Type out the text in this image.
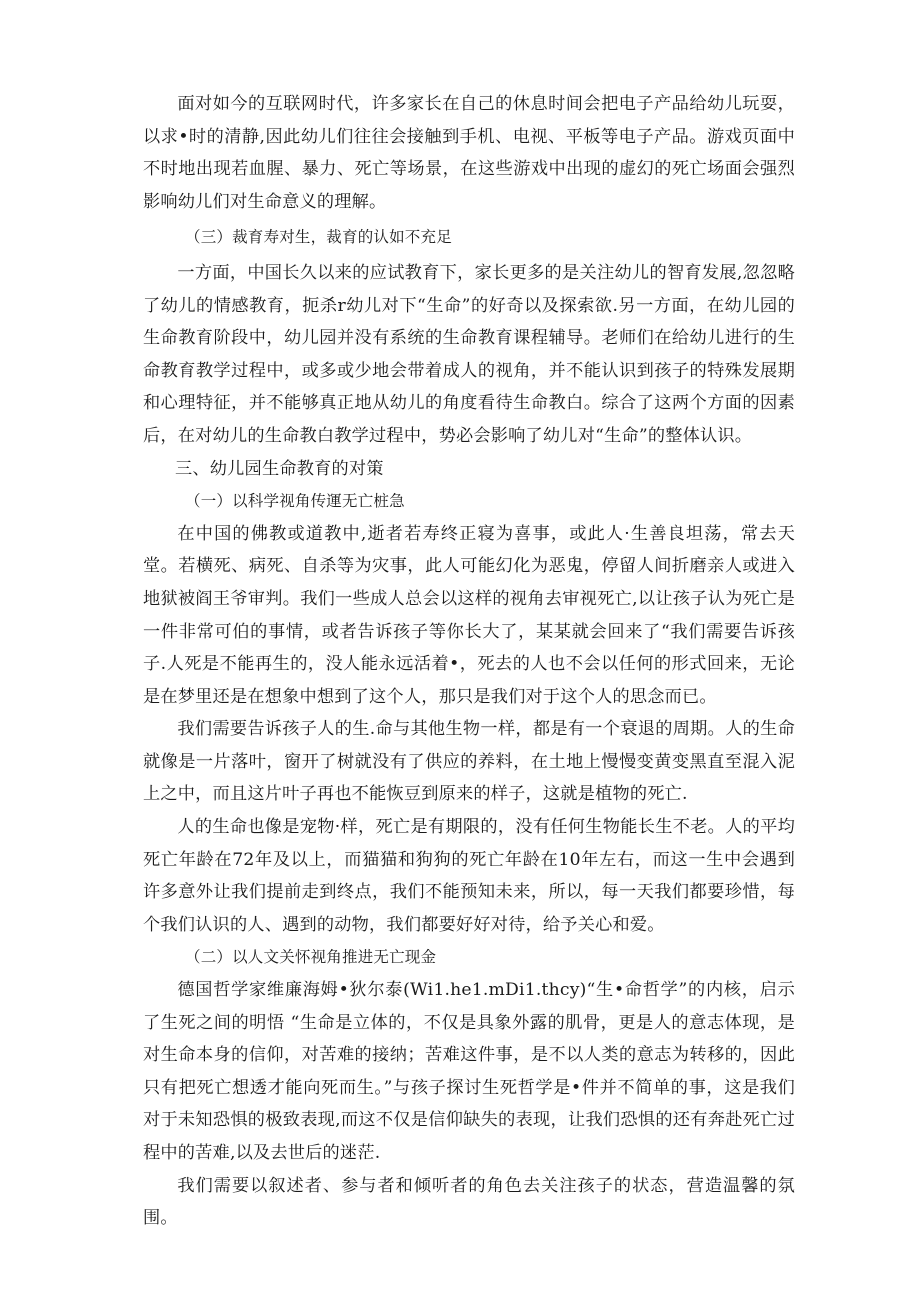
面对如今的互联网时代，许多家长在自己的休息时间会把电子产品给幼儿玩耍，以求•时的清静,因此幼儿们往往会接触到手机、电视、平板等电子产品。游戏页面中不时地出现若血腥、暴力、死亡等场景，在这些游戏中出现的虚幻的死亡场面会强烈影响幼儿们对生命意义的理解。

（三）裁育寿对生，裁育的认如不充足

一方面，中国长久以来的应试教育下，家长更多的是关注幼儿的智育发展,忽忽略了幼儿的情感教育，扼杀r幼儿对下“生命”的好奇以及探索欲.另一方面，在幼儿园的生命教育阶段中，幼儿园并没有系统的生命教育课程辅导。老师们在给幼儿进行的生命教育教学过程中，或多或少地会带着成人的视角，并不能认识到孩子的特殊发展期和心理特征，并不能够真正地从幼儿的角度看待生命教白。综合了这两个方面的因素后，在对幼儿的生命教白教学过程中，势必会影响了幼儿对“生命”的整体认识。

三、幼儿园生命教育的对策

（一）以科学视角传運无亡桩急

在中国的佛教或道教中,逝者若寿终正寝为喜事，或此人·生善良坦荡，常去天堂。若横死、病死、自杀等为灾事，此人可能幻化为恶鬼，停留人间折磨亲人或进入地狱被阎王爷审判。我们一些成人总会以这样的视角去审视死亡,以让孩子认为死亡是一件非常可伯的事情，或者告诉孩子等你长大了，某某就会回来了“我们需要告诉孩子.人死是不能再生的，没人能永远活着•，死去的人也不会以任何的形式回来，无论是在梦里还是在想象中想到了这个人，那只是我们对于这个人的思念而已。

我们需要告诉孩子人的生.命与其他生物一样，都是有一个衰退的周期。人的生命就像是一片落叶，窗开了树就没有了供应的养料，在土地上慢慢变黄变黑直至混入泥上之中，而且这片叶子再也不能恢豆到原来的样子，这就是植物的死亡.

人的生命也像是宠物·样，死亡是有期限的，没有任何生物能长生不老。人的平均死亡年龄在72年及以上，而猫猫和狗狗的死亡年龄在10年左右，而这一生中会遇到许多意外让我们提前走到终点，我们不能预知未来，所以，每一天我们都要珍惜，每个我们认识的人、遇到的动物，我们都要好好对待，给予关心和爱。

（二）以人文关怀视角推进无亡现金

德国哲学家维廉海姆•狄尔泰(Wi1.he1.mDi1.thcy)“生•命哲学”的内核，启示了生死之间的明悟 “生命是立体的，不仅是具象外露的肌骨，更是人的意志体现，是对生命本身的信仰，对苦难的接纳；苦难这件事，是不以人类的意志为转移的，因此只有把死亡想透才能向死而生。”与孩子探讨生死哲学是•件并不简单的事，这是我们对于未知恐惧的极致表现,而这不仅是信仰缺失的表现，让我们恐惧的还有奔赴死亡过程中的苦难,以及去世后的迷茫.

我们需要以叙述者、参与者和倾听者的角色去关注孩子的状态，营造温馨的氛围。
